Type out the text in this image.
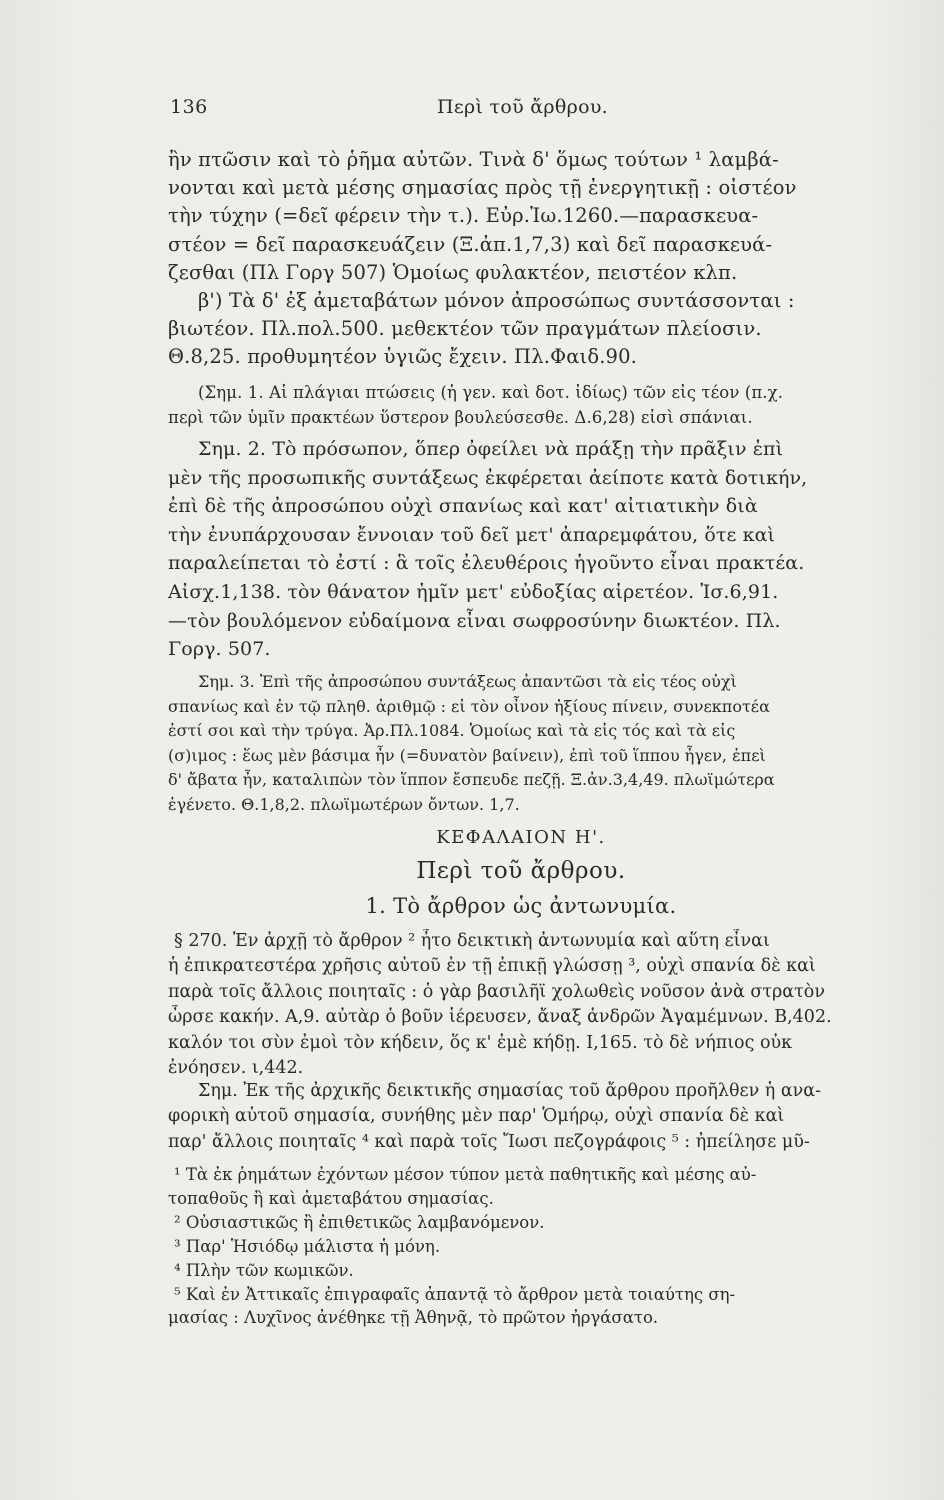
136	Περὶ τοῦ ἄρθρου.
ἢν πτῶσιν καὶ τὸ ῥῆμα αὐτῶν. Τινὰ δ' ὅμως τούτων ¹ λαμβά-
νονται καὶ μετὰ μέσης σημασίας πρὸς τῇ ἐνεργητικῇ : οἰστέον
τὴν τύχην (=δεῖ φέρειν τὴν τ.). Εὐρ.Ἰω.1260.—παρασκευα-
στέον = δεῖ παρασκευάζειν (Ξ.ἀπ.1,7,3) καὶ δεῖ παρασκευά-
ζεσθαι (Πλ Γοργ 507) Ὁμοίως φυλακτέον, πειστέον κλπ.
β') Τὰ δ' ἐξ ἀμεταβάτων μόνον ἀπροσώπως συντάσσονται :
βιωτέον. Πλ.πολ.500. μεθεκτέον τῶν πραγμάτων πλείοσιν.
Θ.8,25. προθυμητέον ὑγιῶς ἔχειν. Πλ.Φαιδ.90.
(Σημ. 1. Αἱ πλάγιαι πτώσεις (ἡ γεν. καὶ δοτ. ἰδίως) τῶν εἰς τέον (π.χ.
περὶ τῶν ὑμῖν πρακτέων ὕστερον βουλεύσεσθε. Δ.6,28) εἰσὶ σπάνιαι.
Σημ. 2. Τὸ πρόσωπον, ὅπερ ὀφείλει νὰ πράξῃ τὴν πρᾶξιν ἐπὶ
μὲν τῆς προσωπικῆς συντάξεως ἐκφέρεται ἀείποτε κατὰ δοτικήν,
ἐπὶ δὲ τῆς ἀπροσώπου οὐχὶ σπανίως καὶ κατ' αἰτιατικὴν διὰ
τὴν ἐνυπάρχουσαν ἔννοιαν τοῦ δεῖ μετ' ἀπαρεμφάτου, ὅτε καὶ
παραλείπεται τὸ ἐστί : ἃ τοῖς ἐλευθέροις ἡγοῦντο εἶναι πρακτέα.
Αἰσχ.1,138. τὸν θάνατον ἡμῖν μετ' εὐδοξίας αἱρετέον. Ἰσ.6,91.
—τὸν βουλόμενον εὐδαίμονα εἶναι σωφροσύνην διωκτέον. Πλ.
Γοργ. 507.
Σημ. 3. Ἐπὶ τῆς ἀπροσώπου συντάξεως ἀπαντῶσι τὰ εἰς τέος οὐχὶ
σπανίως καὶ ἐν τῷ πληθ. ἀριθμῷ : εἰ τὸν οἶνον ἠξίους πίνειν, συνεκποτέα
ἐστί σοι καὶ τὴν τρύγα. Ἀρ.Πλ.1084. Ὁμοίως καὶ τὰ εἰς τός καὶ τὰ εἰς
(σ)ιμος : ἕως μὲν βάσιμα ἦν (=δυνατὸν βαίνειν), ἐπὶ τοῦ ἵππου ἦγεν, ἐπεὶ
δ' ἄβατα ἦν, καταλιπὼν τὸν ἵππον ἔσπευδε πεζῇ. Ξ.ἀν.3,4,49. πλωϊμώτερα
ἐγένετο. Θ.1,8,2. πλωϊμωτέρων ὄντων. 1,7.
ΚΕΦΑΛΑΙΟΝ Η'.
Περὶ τοῦ ἄρθρου.
1. Τὸ ἄρθρον ὡς ἀντωνυμία.
§ 270. Ἐν ἀρχῇ τὸ ἄρθρον ² ἦτο δεικτικὴ ἀντωνυμία καὶ αὕτη εἶναι
ἡ ἐπικρατεστέρα χρῆσις αὐτοῦ ἐν τῇ ἐπικῇ γλώσσῃ ³, οὐχὶ σπανία δὲ καὶ
παρὰ τοῖς ἄλλοις ποιηταῖς : ὁ γὰρ βασιλῆϊ χολωθεὶς νοῦσον ἀνὰ στρατὸν
ὦρσε κακήν. Α,9. αὐτὰρ ὁ βοῦν ἱέρευσεν, ἄναξ ἀνδρῶν Ἀγαμέμνων. Β,402.
καλόν τοι σὺν ἐμοὶ τὸν κήδειν, ὅς κ' ἐμὲ κήδῃ. Ι,165. τὸ δὲ νήπιος οὐκ
ἐνόησεν. ι,442.
Σημ. Ἐκ τῆς ἀρχικῆς δεικτικῆς σημασίας τοῦ ἄρθρου προῆλθεν ἡ ανα-
φορικὴ αὐτοῦ σημασία, συνήθης μὲν παρ' Ὁμήρῳ, οὐχὶ σπανία δὲ καὶ
παρ' ἄλλοις ποιηταῖς ⁴ καὶ παρὰ τοῖς Ἴωσι πεζογράφοις ⁵ : ἠπείλησε μῦ-
¹ Τὰ ἐκ ῥημάτων ἐχόντων μέσον τύπον μετὰ παθητικῆς καὶ μέσης αὐ-
τοπαθοῦς ἢ καὶ ἀμεταβάτου σημασίας.
² Οὐσιαστικῶς ἢ ἐπιθετικῶς λαμβανόμενον.
³ Παρ' Ἡσιόδῳ μάλιστα ἡ μόνη.
⁴ Πλὴν τῶν κωμικῶν.
⁵ Καὶ ἐν Ἀττικαῖς ἐπιγραφαῖς ἀπαντᾷ τὸ ἄρθρον μετὰ τοιαύτης ση-
μασίας : Λυχῖνος ἀνέθηκε τῇ Ἀθηνᾷ, τὸ πρῶτον ἠργάσατο.
